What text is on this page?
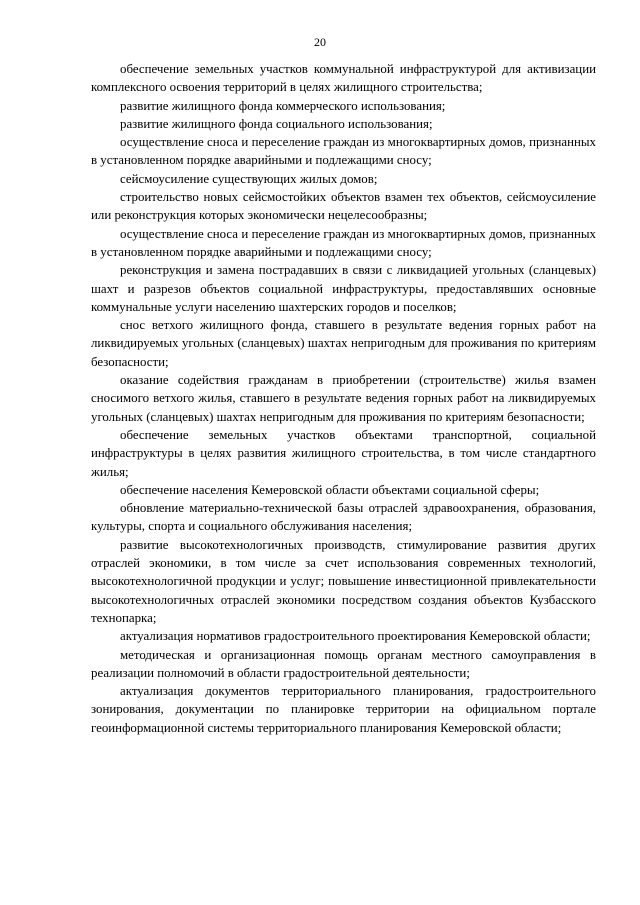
20

обеспечение земельных участков коммунальной инфраструктурой для активизации комплексного освоения территорий в целях жилищного строительства;

развитие жилищного фонда коммерческого использования;

развитие жилищного фонда социального использования;

осуществление сноса и переселение граждан из многоквартирных домов, признанных в установленном порядке аварийными и подлежащими сносу;

сейсмоусиление существующих жилых домов;

строительство новых сейсмостойких объектов взамен тех объектов, сейсмоусиление или реконструкция которых экономически нецелесообразны;

осуществление сноса и переселение граждан из многоквартирных домов, признанных в установленном порядке аварийными и подлежащими сносу;

реконструкция и замена пострадавших в связи с ликвидацией угольных (сланцевых) шахт и разрезов объектов социальной инфраструктуры, предоставлявших основные коммунальные услуги населению шахтерских городов и поселков;

снос ветхого жилищного фонда, ставшего в результате ведения горных работ на ликвидируемых угольных (сланцевых) шахтах непригодным для проживания по критериям безопасности;

оказание содействия гражданам в приобретении (строительстве) жилья взамен сносимого ветхого жилья, ставшего в результате ведения горных работ на ликвидируемых угольных (сланцевых) шахтах непригодным для проживания по критериям безопасности;

обеспечение земельных участков объектами транспортной, социальной инфраструктуры в целях развития жилищного строительства, в том числе стандартного жилья;

обеспечение населения Кемеровской области объектами социальной сферы;

обновление материально-технической базы отраслей здравоохранения, образования, культуры, спорта и социального обслуживания населения;

развитие высокотехнологичных производств, стимулирование развития других отраслей экономики, в том числе за счет использования современных технологий, высокотехнологичной продукции и услуг; повышение инвестиционной привлекательности высокотехнологичных отраслей экономики посредством создания объектов Кузбасского технопарка;

актуализация нормативов градостроительного проектирования Кемеровской области;

методическая и организационная помощь органам местного самоуправления в реализации полномочий в области градостроительной деятельности;

актуализация документов территориального планирования, градостроительного зонирования, документации по планировке территории на официальном портале геоинформационной системы территориального планирования Кемеровской области;
